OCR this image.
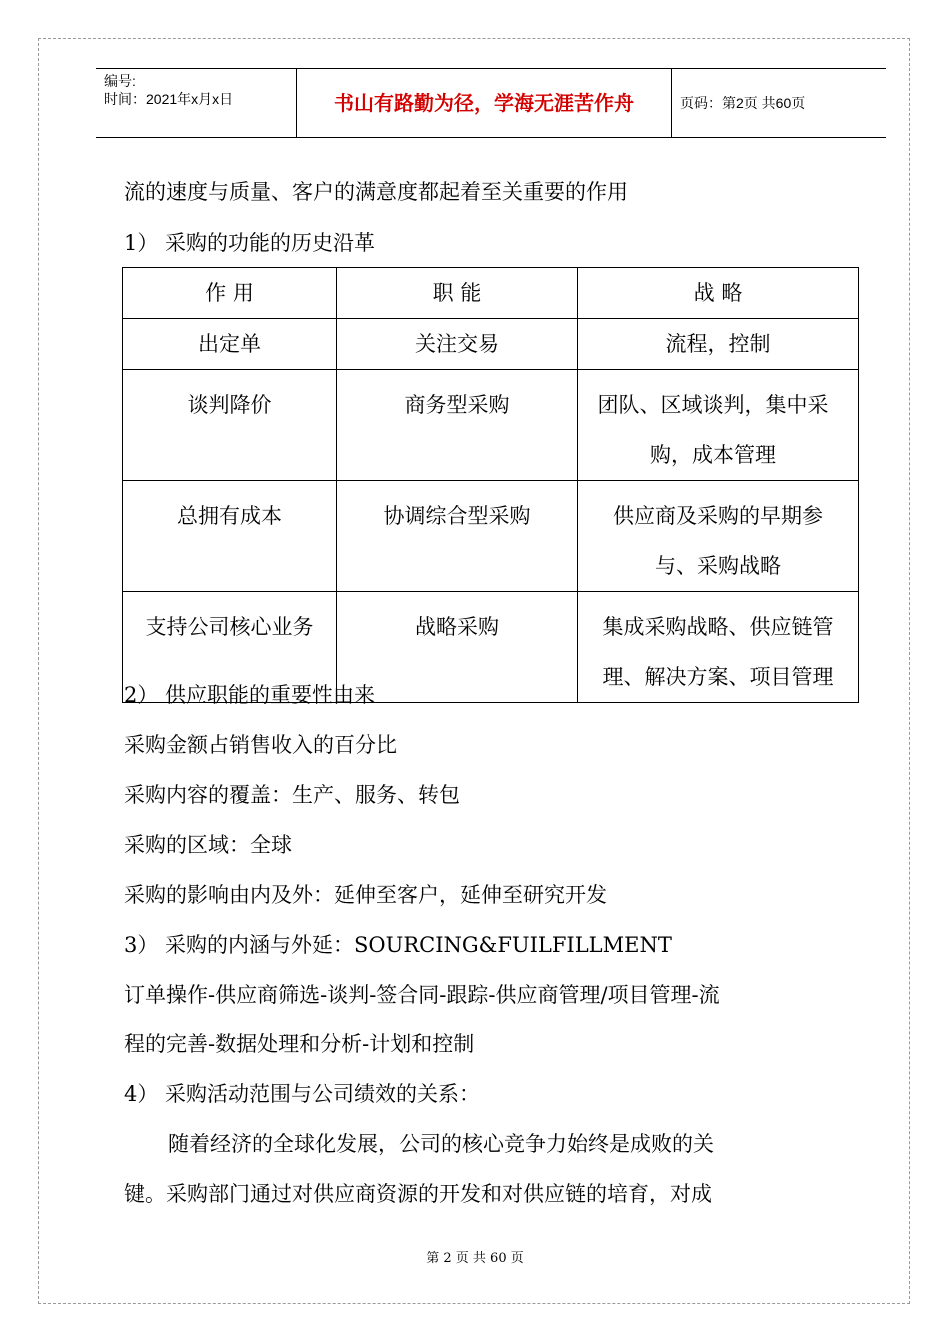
编号:
时间：2021年x月x日	书山有路勤为径，学海无涯苦作舟	页码：第2页 共60页
流的速度与质量、客户的满意度都起着至关重要的作用
1） 采购的功能的历史沿革
作 用	职 能	战 略
出定单	关注交易	流程，控制
谈判降价	商务型采购	团队、区域谈判，集中采购，成本管理
总拥有成本	协调综合型采购	供应商及采购的早期参与、采购战略
支持公司核心业务	战略采购	集成采购战略、供应链管理、解决方案、项目管理
2） 供应职能的重要性由来
采购金额占销售收入的百分比
采购内容的覆盖：生产、服务、转包
采购的区域：全球
采购的影响由内及外：延伸至客户，延伸至研究开发
3） 采购的内涵与外延：SOURCING&FUILFILLMENT
订单操作-供应商筛选-谈判-签合同-跟踪-供应商管理/项目管理-流
程的完善-数据处理和分析-计划和控制
4） 采购活动范围与公司绩效的关系：
随着经济的全球化发展，公司的核心竞争力始终是成败的关
键。采购部门通过对供应商资源的开发和对供应链的培育，对成
第 2 页 共 60 页
